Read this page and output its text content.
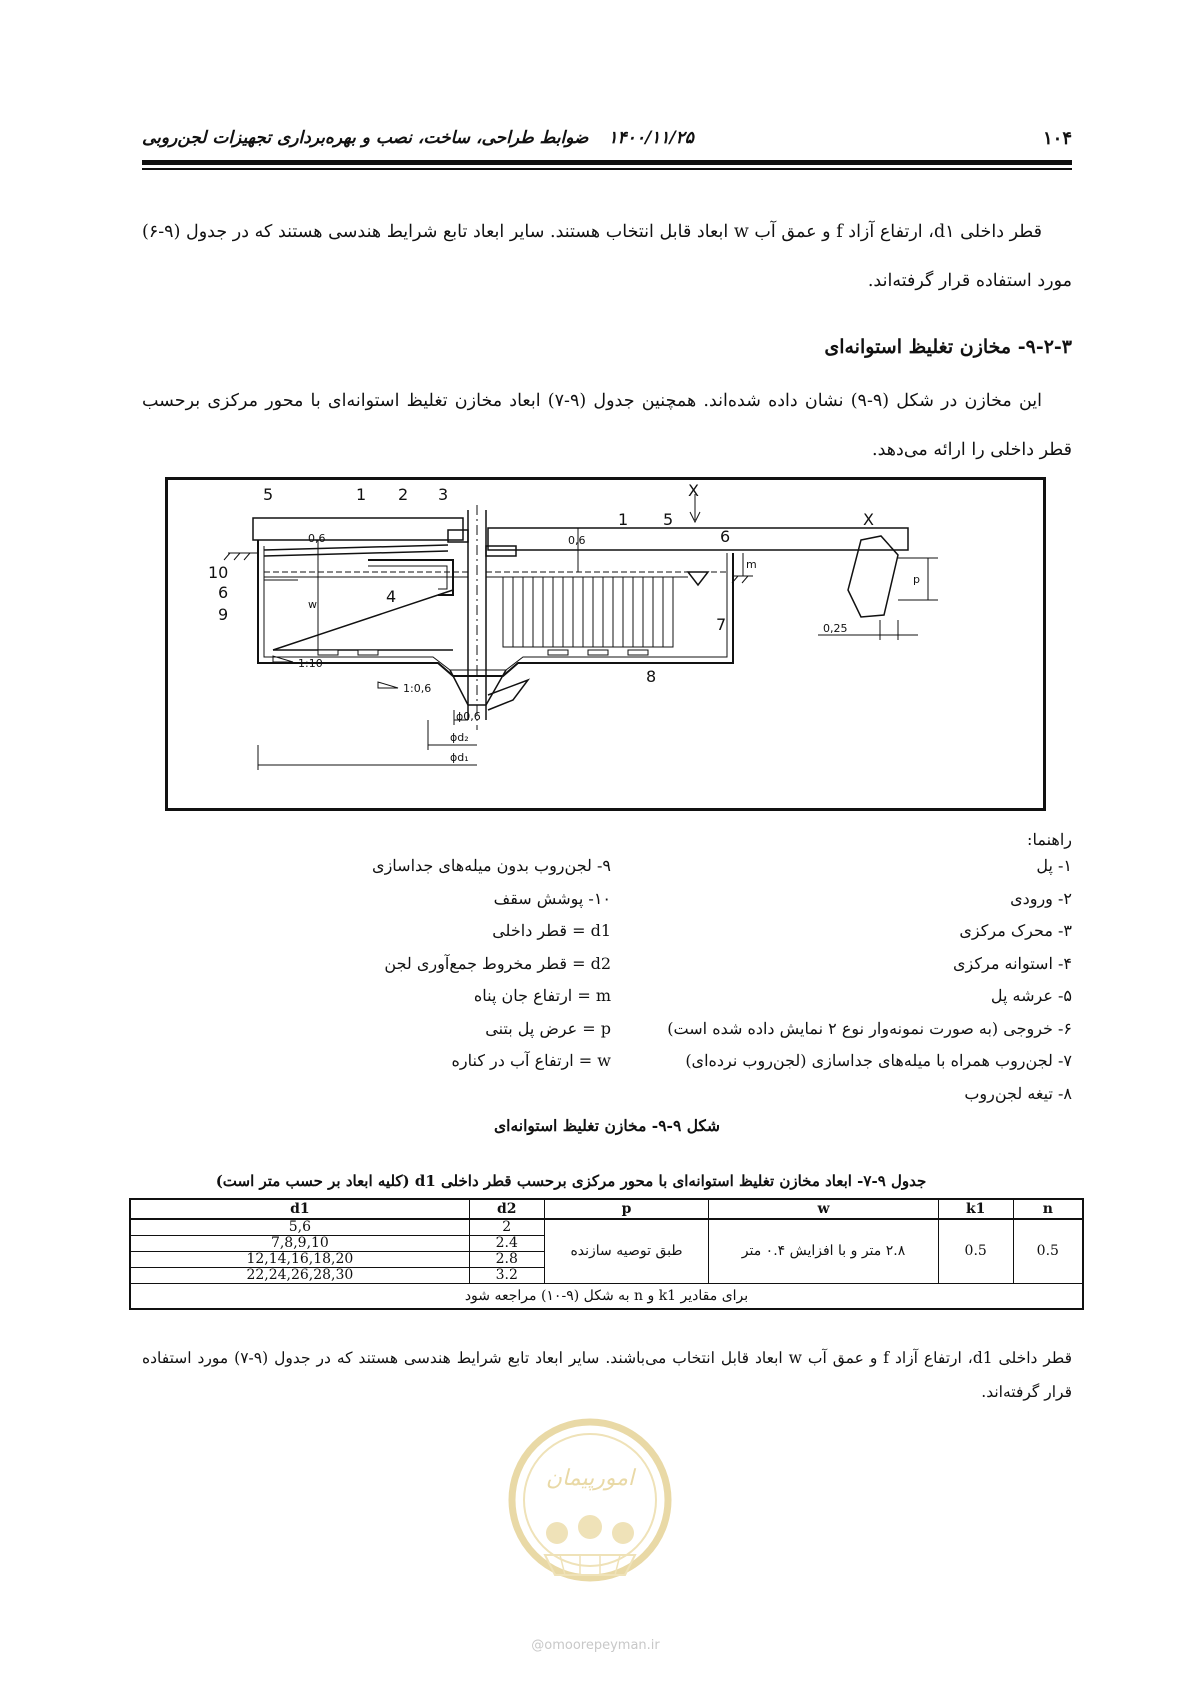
۱۴۰۰/۱۱/۲۵ ضوابط طراحی، ساخت، نصب و بهره‌برداری تجهیزات لجن‌روبی	۱۰۴

قطر داخلی d۱، ارتفاع آزاد f و عمق آب w ابعاد قابل انتخاب هستند. سایر ابعاد تابع شرایط هندسی هستند که در جدول (۹-۶) مورد استفاده قرار گرفته‌اند.

۹-۲-۳- مخازن تغلیظ استوانه‌ای

این مخازن در شکل (۹-۹) نشان داده شده‌اند. همچنین جدول (۹-۷) ابعاد مخازن تغلیظ استوانه‌ای با محور مرکزی برحسب قطر داخلی را ارائه می‌دهد.

5	1 2 3
1 5
6
10
6	4
9
7
8
X
X
0,6	0,6
w
m
p
1:10
1:0,6
ϕ0,6
ϕd₂
ϕd₁
0,25
راهنما:
۱- پل
۲- ورودی
۳- محرک مرکزی
۴- استوانه مرکزی
۵- عرشه پل
۶- خروجی (به صورت نمونه‌وار نوع ۲ نمایش داده شده است)
۷- لجن‌روب همراه با میله‌های جداسازی (لجن‌روب نرده‌ای)
۸- تیغه لجن‌روب
۹- لجن‌روب بدون میله‌های جداسازی
۱۰- پوشش سقف
d1 = قطر داخلی
d2 = قطر مخروط جمع‌آوری لجن
m = ارتفاع جان پناه
p = عرض پل بتنی
w = ارتفاع آب در کناره
شکل ۹-۹- مخازن تغلیظ استوانه‌ای
جدول ۹-۷- ابعاد مخازن تغلیظ استوانه‌ای با محور مرکزی برحسب قطر داخلی d1 (کلیه ابعاد بر حسب متر است)
d1	d2	p	w	k1	n
5,6	2	طبق توصیه سازنده	۲.۸ متر و با افزایش ۰.۴ متر	0.5	0.5
7,8,9,10	2.4				
12,14,16,18,20	2.8				
22,24,26,28,30	3.2				
برای مقادیر k1 و n به شکل (۹-۱۰) مراجعه شود					

قطر داخلی d1، ارتفاع آزاد f و عمق آب w ابعاد قابل انتخاب می‌باشند. سایر ابعاد تابع شرایط هندسی هستند که در جدول (۹-۷) مورد استفاده قرار گرفته‌اند.

امورپیمان
@omoorepeyman.ir
